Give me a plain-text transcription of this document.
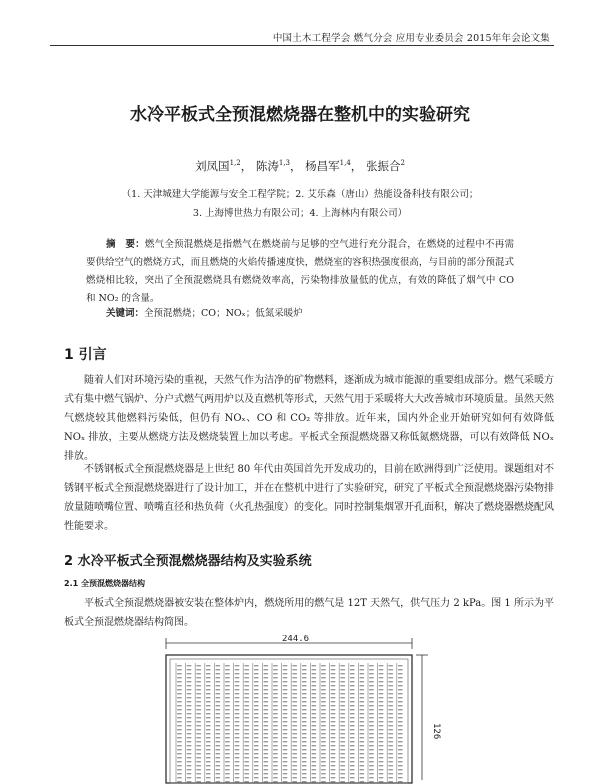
中国土木工程学会 燃气分会 应用专业委员会 2015年年会论文集
水冷平板式全预混燃烧器在整机中的实验研究
刘凤国$^{1,2}$， 陈涛$^{1,3}$， 杨昌军$^{1,4}$， 张振合$^2$
（1. 天津城建大学能源与安全工程学院；2. 艾乐森（唐山）热能设备科技有限公司；
3. 上海博世热力有限公司；4. 上海林内有限公司）
摘　要：燃气全预混燃烧是指燃气在燃烧前与足够的空气进行充分混合，在燃烧的过程中不再需要供给空气的燃烧方式，而且燃烧的火焰传播速度快，燃烧室的容积热强度很高，与目前的部分预混式燃烧相比较，突出了全预混燃烧具有燃烧效率高，污染物排放量低的优点，有效的降低了烟气中 CO 和 NO₂ 的含量。
关键词：全预混燃烧；CO；NOₓ；低氮采暖炉
1 引言
随着人们对环境污染的重视，天然气作为洁净的矿物燃料，逐渐成为城市能源的重要组成部分。燃气采暖方式有集中燃气锅炉、分户式燃气两用炉以及直燃机等形式，天然气用于采暖将大大改善城市环境质量。虽然天然气燃烧较其他燃料污染低，但仍有 NOₓ、CO 和 CO₂ 等排放。近年来，国内外企业开始研究如何有效降低 NOₓ 排放，主要从燃烧方法及燃烧装置上加以考虑。平板式全预混燃烧器又称低氮燃烧器，可以有效降低 NOₓ 排放。
不锈钢板式全预混燃烧器是上世纪 80 年代由英国首先开发成功的，目前在欧洲得到广泛使用。课题组对不锈钢平板式全预混燃烧器进行了设计加工，并在在整机中进行了实验研究，研究了平板式全预混燃烧器污染物排放量随喷嘴位置、喷嘴直径和热负荷（火孔热强度）的变化。同时控制集烟罩开孔面积，解决了燃烧器燃烧配风性能要求。
2 水冷平板式全预混燃烧器结构及实验系统
2.1 全预混燃烧器结构
平板式全预混燃烧器被安装在整体炉内，燃烧所用的燃气是 12T 天然气，供气压力 2 kPa。图 1 所示为平板式全预混燃烧器结构简图。
244.6
126
